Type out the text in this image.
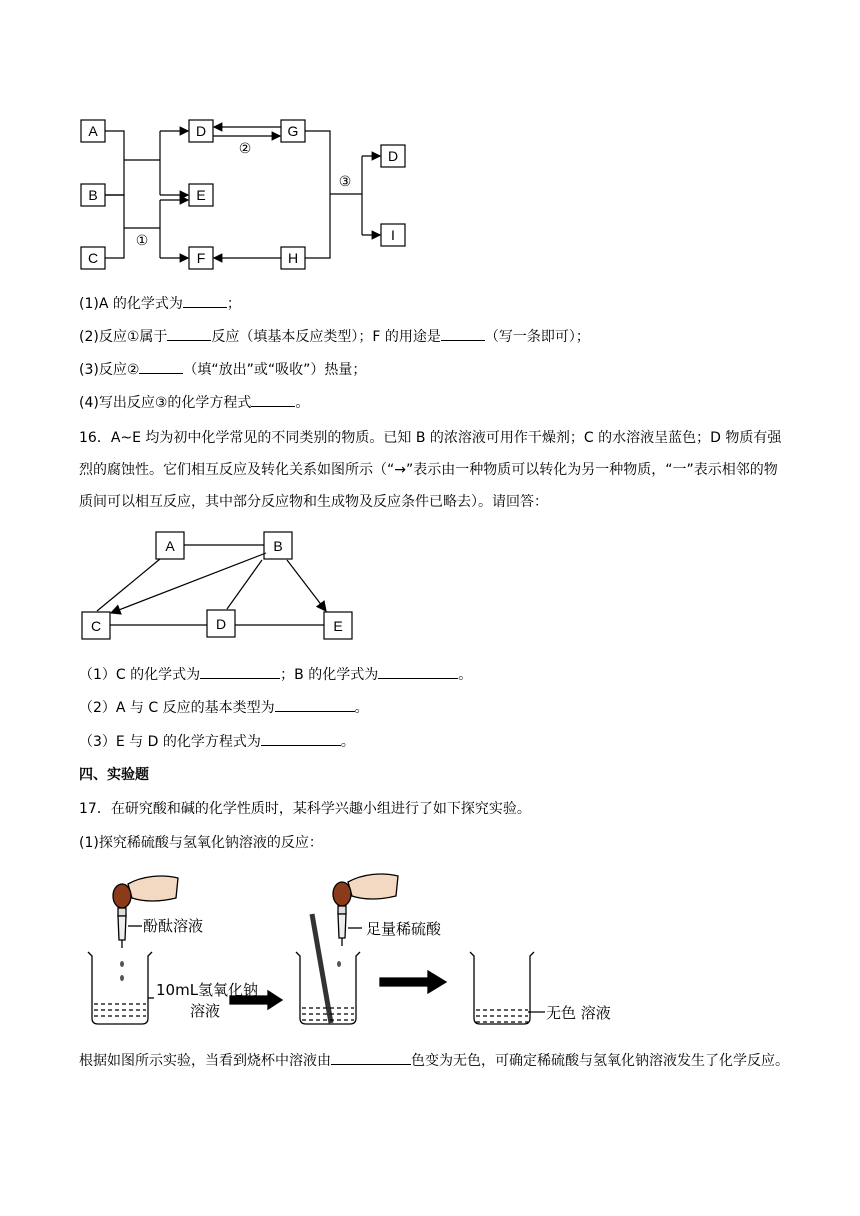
A
B
C
D
E
F
G
H
D
I
①
②
③
(1)A 的化学式为	；
(2)反应①属于	反应（填基本反应类型）；F 的用途是	（写一条即可）；
(3)反应②	（填“放出”或“吸收”）热量；
(4)写出反应③的化学方程式	。
16．A~E 均为初中化学常见的不同类别的物质。已知 B 的浓溶液可用作干燥剂；C 的水溶液呈蓝色；D 物质有强烈的腐蚀性。它们相互反应及转化关系如图所示（“→”表示由一种物质可以转化为另一种物质，“一”表示相邻的物质间可以相互反应，其中部分反应物和生成物及反应条件已略去）。请回答：
A	B
C	D	E
（1）C 的化学式为	；B 的化学式为	。
（2）A 与 C 反应的基本类型为	。
（3）E 与 D 的化学方程式为	。
四、实验题
17．在研究酸和碱的化学性质时，某科学兴趣小组进行了如下探究实验。
(1)探究稀硫酸与氢氧化钠溶液的反应：
酚酞溶液
10mL氢氧化钠
溶液
足量稀硫酸
无色 溶液
根据如图所示实验，当看到烧杯中溶液由	色变为无色，可确定稀硫酸与氢氧化钠溶液发生了化学反应。
